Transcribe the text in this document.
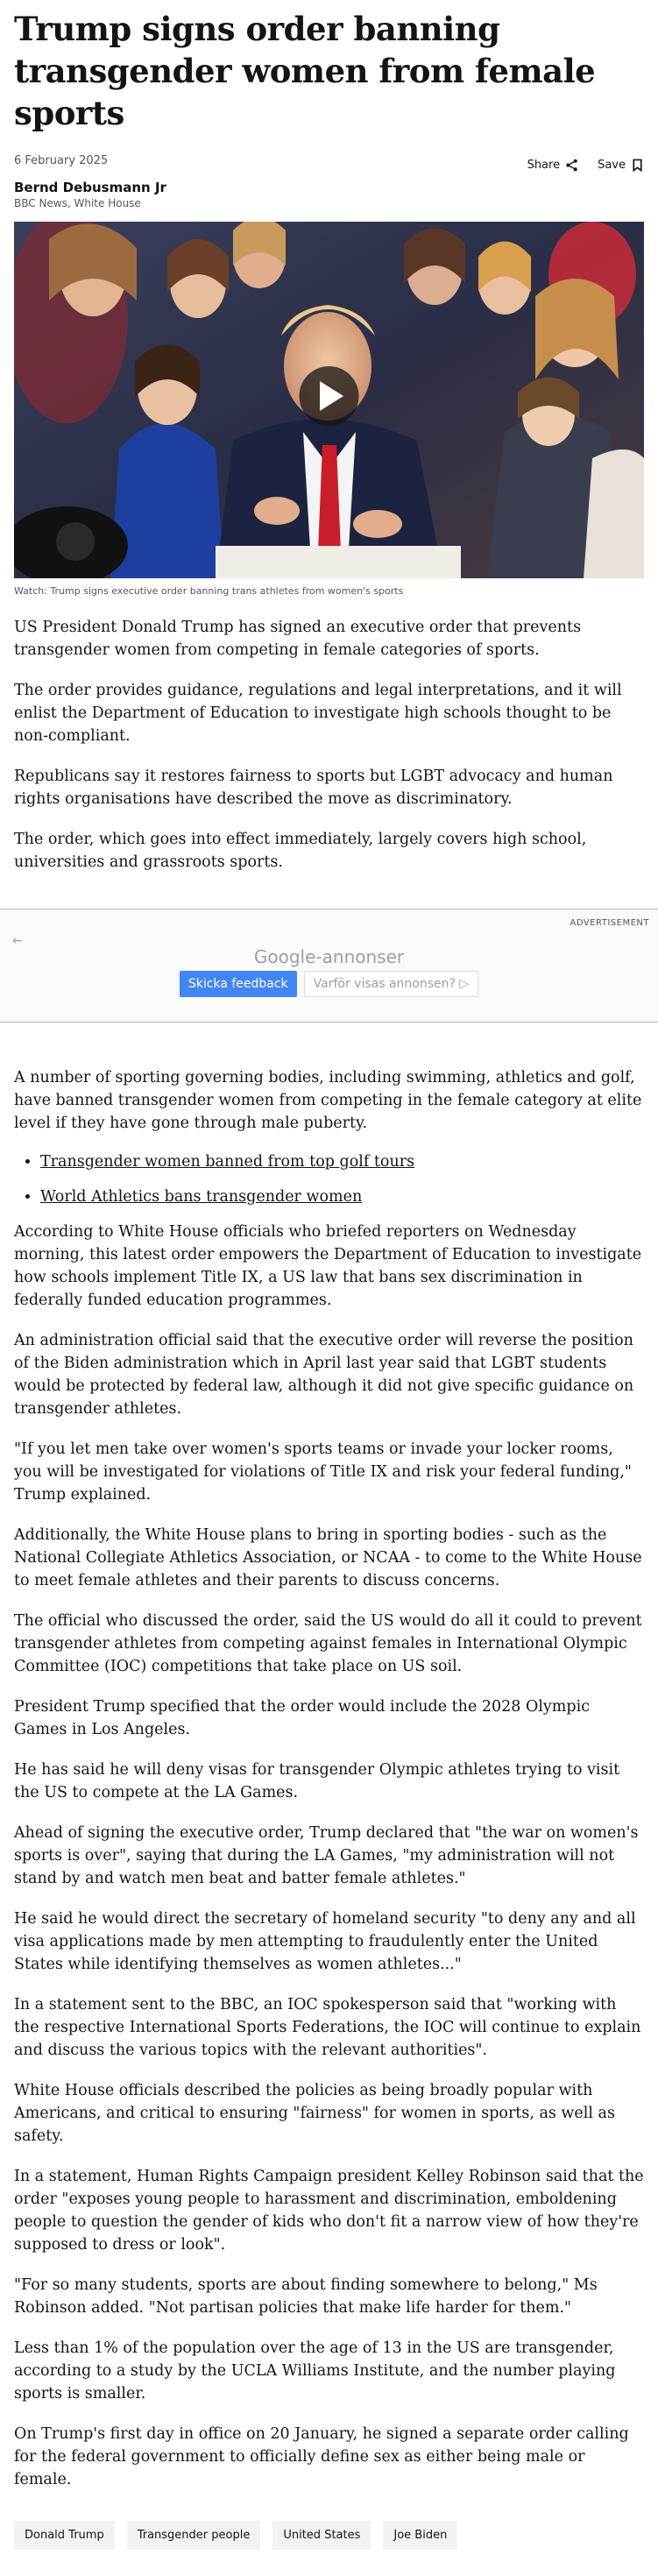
Trump signs order banning transgender women from female sports
6 February 2025	Share	Save
Bernd Debusmann Jr
BBC News, White House
Watch: Trump signs executive order banning trans athletes from women's sports

US President Donald Trump has signed an executive order that prevents transgender women from competing in female categories of sports.

The order provides guidance, regulations and legal interpretations, and it will enlist the Department of Education to investigate high schools thought to be non-compliant.

Republicans say it restores fairness to sports but LGBT advocacy and human rights organisations have described the move as discriminatory.

The order, which goes into effect immediately, largely covers high school, universities and grassroots sports.

ADVERTISEMENT
←
Google-annonser
Skicka feedback	Varför visas annonsen? ▷

A number of sporting governing bodies, including swimming, athletics and golf, have banned transgender women from competing in the female category at elite level if they have gone through male puberty.

• Transgender women banned from top golf tours
• World Athletics bans transgender women

According to White House officials who briefed reporters on Wednesday morning, this latest order empowers the Department of Education to investigate how schools implement Title IX, a US law that bans sex discrimination in federally funded education programmes.

An administration official said that the executive order will reverse the position of the Biden administration which in April last year said that LGBT students would be protected by federal law, although it did not give specific guidance on transgender athletes.

"If you let men take over women's sports teams or invade your locker rooms, you will be investigated for violations of Title IX and risk your federal funding," Trump explained.

Additionally, the White House plans to bring in sporting bodies - such as the National Collegiate Athletics Association, or NCAA - to come to the White House to meet female athletes and their parents to discuss concerns.

The official who discussed the order, said the US would do all it could to prevent transgender athletes from competing against females in International Olympic Committee (IOC) competitions that take place on US soil.

President Trump specified that the order would include the 2028 Olympic Games in Los Angeles.

He has said he will deny visas for transgender Olympic athletes trying to visit the US to compete at the LA Games.

Ahead of signing the executive order, Trump declared that "the war on women's sports is over", saying that during the LA Games, "my administration will not stand by and watch men beat and batter female athletes."

He said he would direct the secretary of homeland security "to deny any and all visa applications made by men attempting to fraudulently enter the United States while identifying themselves as women athletes..."

In a statement sent to the BBC, an IOC spokesperson said that "working with the respective International Sports Federations, the IOC will continue to explain and discuss the various topics with the relevant authorities".

White House officials described the policies as being broadly popular with Americans, and critical to ensuring "fairness" for women in sports, as well as safety.

In a statement, Human Rights Campaign president Kelley Robinson said that the order "exposes young people to harassment and discrimination, emboldening people to question the gender of kids who don't fit a narrow view of how they're supposed to dress or look".

"For so many students, sports are about finding somewhere to belong," Ms Robinson added. "Not partisan policies that make life harder for them."

Less than 1% of the population over the age of 13 in the US are transgender, according to a study by the UCLA Williams Institute, and the number playing sports is smaller.

On Trump's first day in office on 20 January, he signed a separate order calling for the federal government to officially define sex as either being male or female.

Donald Trump	Transgender people	United States	Joe Biden
